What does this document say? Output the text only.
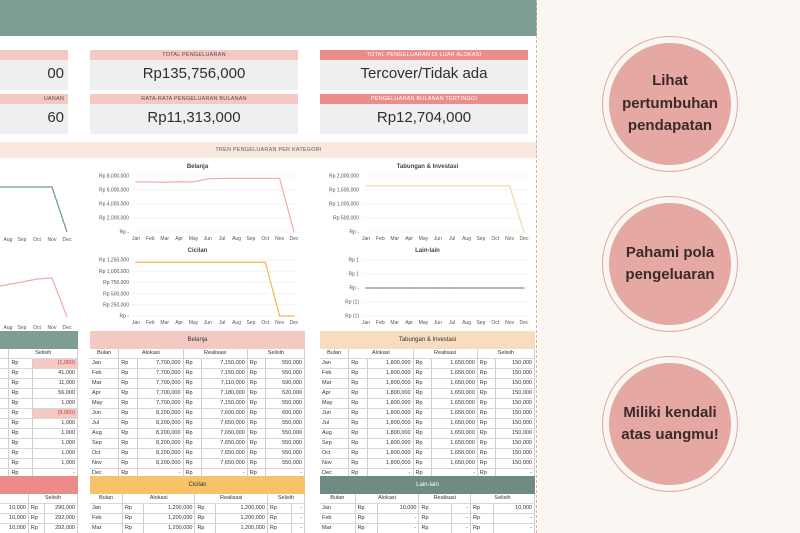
00
UANAN
60
TOTAL PENGELUARAN
Rp135,756,000
TOTAL PENGELUARAN DI LUAR ALOKASI
Tercover/Tidak ada
RATA-RATA PENGELUARAN BULANAN
Rp11,313,000
PENGELUARAN BULANAN TERTINGGI
Rp12,704,000
TREN PENGELUARAN PER KATEGORI
Aug Sep Oct Nov Dec
Aug Sep Oct Nov Dec
Belanja
Rp 8,000,000
Rp 6,000,000
Rp 4,000,000
Rp 2,000,000
Rp -
Jan Feb Mar Apr May Jun Jul Aug Sep Oct Nov Dec
Tabungan & Investasi
Rp 2,000,000
Rp 1,500,000
Rp 1,000,000
Rp 500,000
Rp -
Jan Feb Mar Apr May Jun Jul Aug Sep Oct Nov Dec
Cicilan
Rp 1,250,000
Rp 1,000,000
Rp 750,000
Rp 500,000
Rp 250,000
Rp -
Jan Feb Mar Apr May Jun Jul Aug Sep Oct Nov Dec
Lain-lain
Rp 1
Rp 1
Rp -
Rp (1)
Rp (1)
Jan Feb Mar Apr May Jun Jul Aug Sep Oct Nov Dec
	Selisih	
	Rp	(1,000)
	Rp	41,000
	Rp	11,000
	Rp	56,000
	Rp	1,000
	Rp	(9,000)
	Rp	1,000
	Rp	1,000
	Rp	1,000
	Rp	1,000
	Rp	1,000
	Rp	-
Belanja
Bulan	Alokasi		Realisasi		Selisih	
Jan	Rp	7,700,000	Rp	7,150,000	Rp	550,000
Feb	Rp	7,700,000	Rp	7,150,000	Rp	550,000
Mar	Rp	7,700,000	Rp	7,110,000	Rp	590,000
Apr	Rp	7,700,000	Rp	7,180,000	Rp	520,000
May	Rp	7,700,000	Rp	7,150,000	Rp	550,000
Jun	Rp	8,200,000	Rp	7,600,000	Rp	600,000
Jul	Rp	8,200,000	Rp	7,650,000	Rp	550,000
Aug	Rp	8,200,000	Rp	7,650,000	Rp	550,000
Sep	Rp	8,200,000	Rp	7,650,000	Rp	550,000
Oct	Rp	8,200,000	Rp	7,650,000	Rp	550,000
Nov	Rp	8,200,000	Rp	7,650,000	Rp	550,000
Dec	Rp	-	Rp	-	Rp	-
Tabungan & Investasi
Bulan	Alokasi		Realisasi		Selisih	
Jan	Rp	1,800,000	Rp	1,650,000	Rp	150,000
Feb	Rp	1,800,000	Rp	1,650,000	Rp	150,000
Mar	Rp	1,800,000	Rp	1,650,000	Rp	150,000
Apr	Rp	1,800,000	Rp	1,650,000	Rp	150,000
May	Rp	1,800,000	Rp	1,650,000	Rp	150,000
Jun	Rp	1,800,000	Rp	1,650,000	Rp	150,000
Jul	Rp	1,800,000	Rp	1,650,000	Rp	150,000
Aug	Rp	1,800,000	Rp	1,650,000	Rp	150,000
Sep	Rp	1,800,000	Rp	1,650,000	Rp	150,000
Oct	Rp	1,800,000	Rp	1,650,000	Rp	150,000
Nov	Rp	1,800,000	Rp	1,650,000	Rp	150,000
Dec	Rp	-	Rp	-	Rp	-
	Selisih	
10,000	Rp	290,000
10,000	Rp	292,000
10,000	Rp	292,000
Cicilan
Bulan	Alokasi		Realisasi		Selisih	
Jan	Rp	1,200,000	Rp	1,200,000	Rp	-
Feb	Rp	1,200,000	Rp	1,200,000	Rp	-
Mar	Rp	1,200,000	Rp	1,200,000	Rp	-
Lain-lain
Bulan	Alokasi		Realisasi		Selisih	
Jan	Rp	10,000	Rp	-	Rp	10,000
Feb	Rp	-	Rp	-	Rp	-
Mar	Rp	-	Rp	-	Rp	-
Lihat pertumbuhan pendapatan
Pahami pola pengeluaran
Miliki kendali atas uangmu!
